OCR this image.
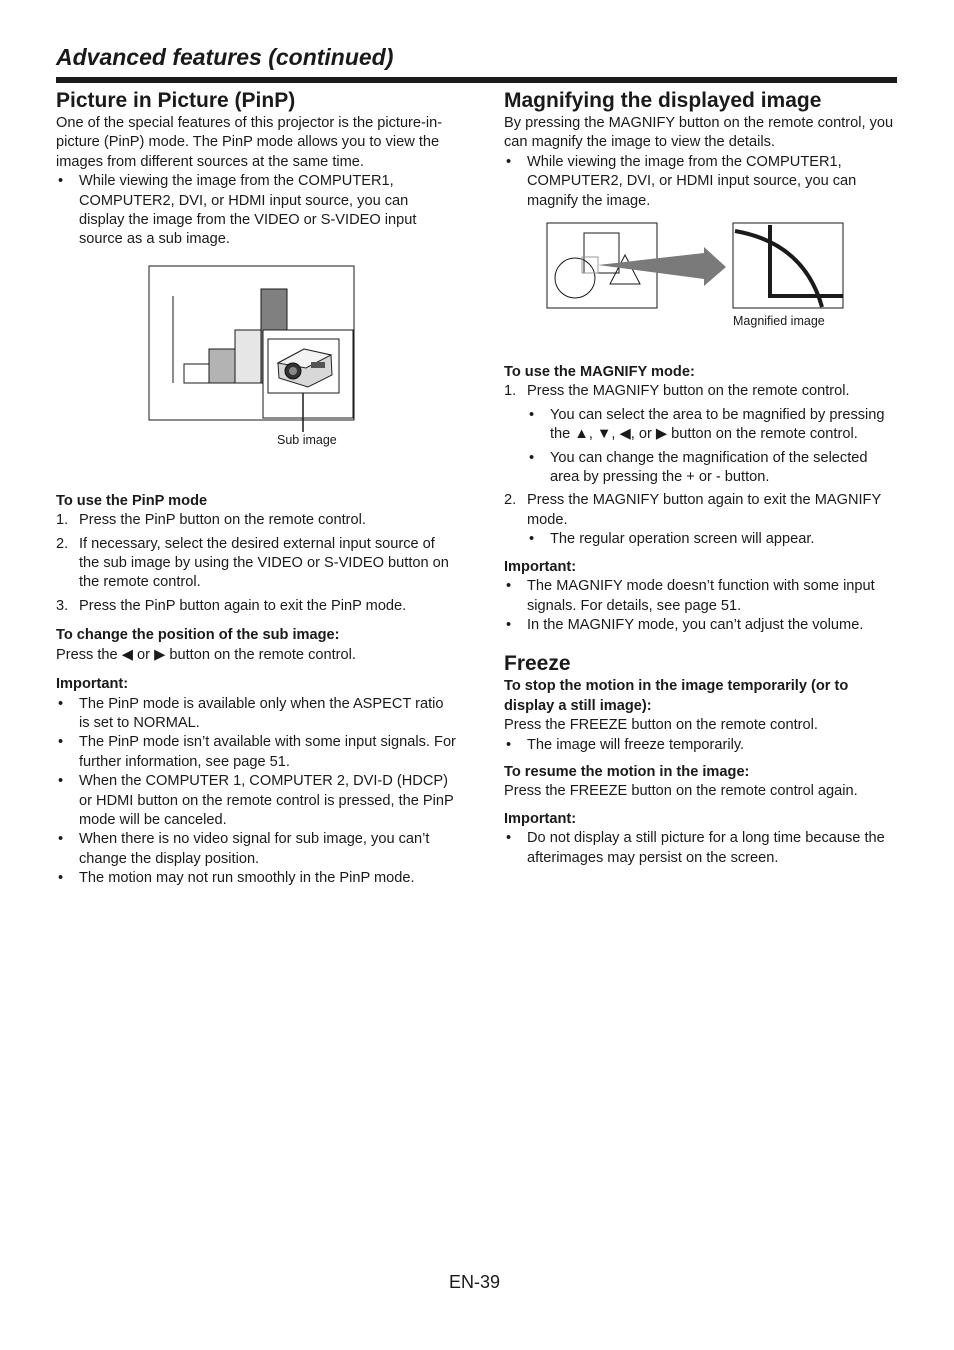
Advanced features (continued)
Picture in Picture (PinP)

One of the special features of this projector is the picture-in-picture (PinP) mode. The PinP mode allows you to view the images from different sources at the same time.

• While viewing the image from the COMPUTER1, COMPUTER2, DVI, or HDMI input source, you can display the image from the VIDEO or S-VIDEO input source as a sub image.
Sub image

To use the PinP mode

1. Press the PinP button on the remote control.
2. If necessary, select the desired external input source of the sub image by using the VIDEO or S-VIDEO button on the remote control.
3. Press the PinP button again to exit the PinP mode.

To change the position of the sub image:

Press the ◀ or ▶ button on the remote control.

Important:

• The PinP mode is available only when the ASPECT ratio is set to NORMAL.
• The PinP mode isn’t available with some input signals. For further information, see page 51.
• When the COMPUTER 1, COMPUTER 2, DVI-D (HDCP) or HDMI button on the remote control is pressed, the PinP mode will be canceled.
• When there is no video signal for sub image, you can’t change the display position.
• The motion may not run smoothly in the PinP mode.
Magnifying the displayed image

By pressing the MAGNIFY button on the remote control, you can magnify the image to view the details.

• While viewing the image from the COMPUTER1, COMPUTER2, DVI, or HDMI input source, you can magnify the image.
Magnified image

To use the MAGNIFY mode:

1. Press the MAGNIFY button on the remote control.
• You can select the area to be magnified by pressing the ▲, ▼, ◀, or ▶ button on the remote control.
• You can change the magnification of the selected area by pressing the + or - button.
2. Press the MAGNIFY button again to exit the MAGNIFY mode.
• The regular operation screen will appear.

Important:

• The MAGNIFY mode doesn’t function with some input signals. For details, see page 51.
• In the MAGNIFY mode, you can’t adjust the volume.
Freeze

To stop the motion in the image temporarily (or to display a still image):

Press the FREEZE button on the remote control.

• The image will freeze temporarily.

To resume the motion in the image:

Press the FREEZE button on the remote control again.

Important:

• Do not display a still picture for a long time because the afterimages may persist on the screen.
EN-39
